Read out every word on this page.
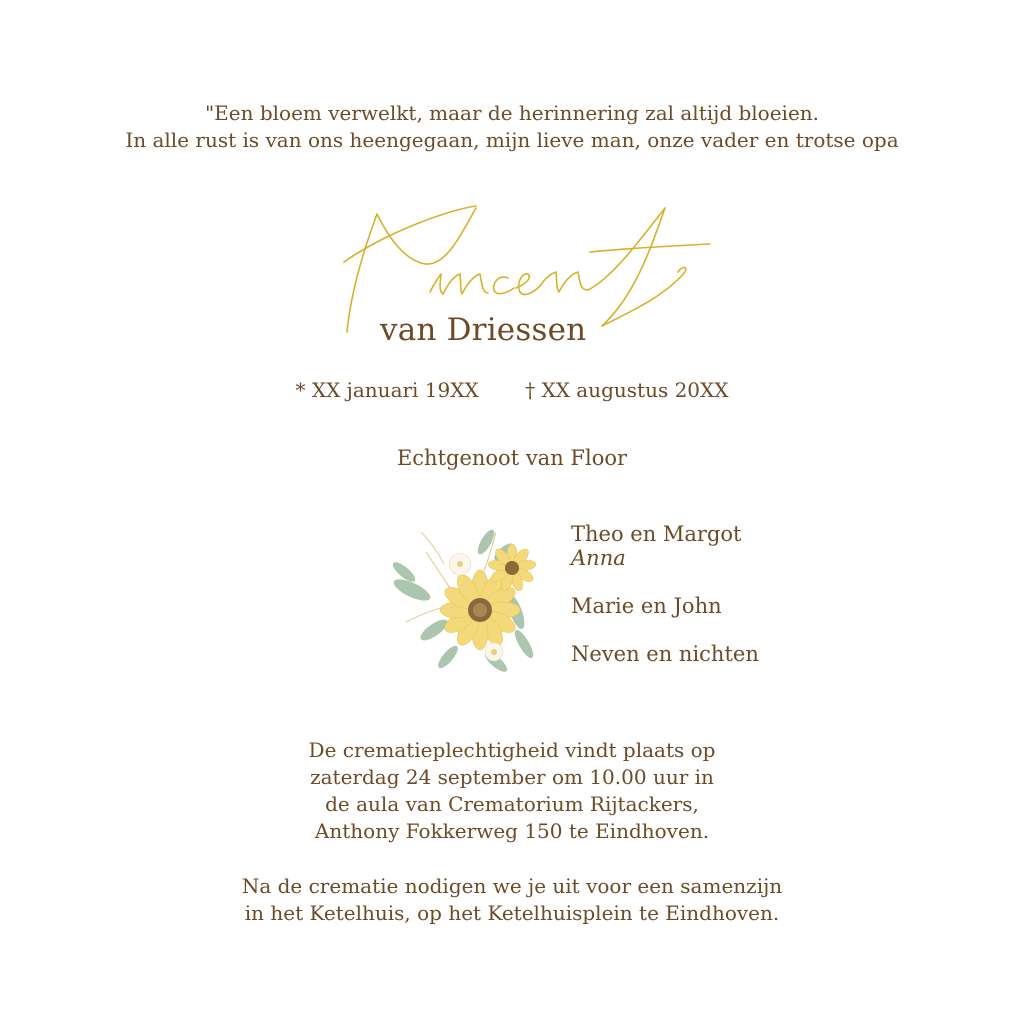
"Een bloem verwelkt, maar de herinnering zal altijd bloeien.
In alle rust is van ons heengegaan, mijn lieve man, onze vader en trotse opa
van Driessen
* XX januari 19XX † XX augustus 20XX
Echtgenoot van Floor
Theo en Margot
Anna
Marie en John
Neven en nichten
De crematieplechtigheid vindt plaats op
zaterdag 24 september om 10.00 uur in
de aula van Crematorium Rijtackers,
Anthony Fokkerweg 150 te Eindhoven.
Na de crematie nodigen we je uit voor een samenzijn
in het Ketelhuis, op het Ketelhuisplein te Eindhoven.
